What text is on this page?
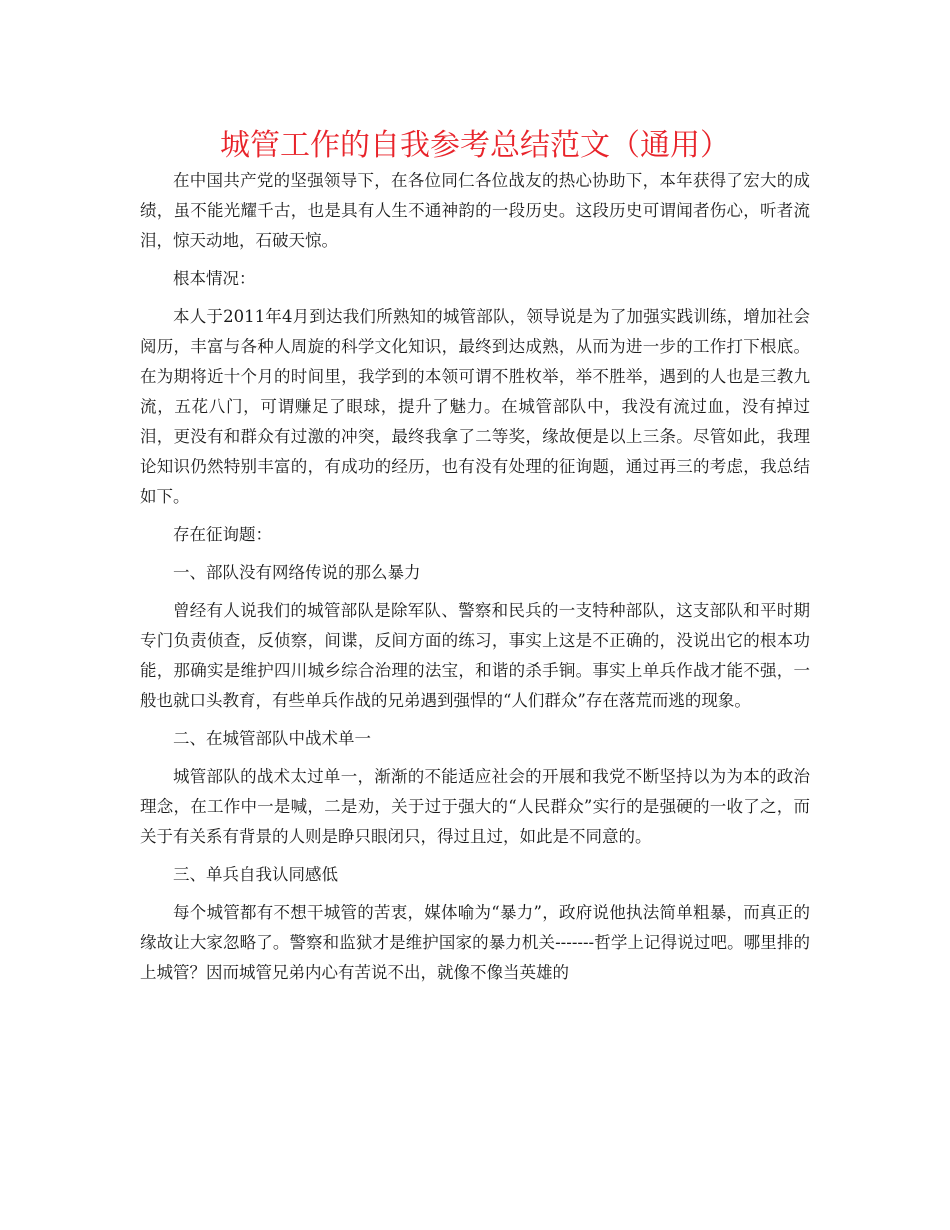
城管工作的自我参考总结范文（通用）

在中国共产党的坚强领导下，在各位同仁各位战友的热心协助下，本年获得了宏大的成绩，虽不能光耀千古，也是具有人生不通神韵的一段历史。这段历史可谓闻者伤心，听者流泪，惊天动地，石破天惊。

根本情况：

本人于2011年4月到达我们所熟知的城管部队，领导说是为了加强实践训练，增加社会阅历，丰富与各种人周旋的科学文化知识，最终到达成熟，从而为进一步的工作打下根底。在为期将近十个月的时间里，我学到的本领可谓不胜枚举，举不胜举，遇到的人也是三教九流，五花八门，可谓赚足了眼球，提升了魅力。在城管部队中，我没有流过血，没有掉过泪，更没有和群众有过激的冲突，最终我拿了二等奖，缘故便是以上三条。尽管如此，我理论知识仍然特别丰富的，有成功的经历，也有没有处理的征询题，通过再三的考虑，我总结如下。

存在征询题：

一、部队没有网络传说的那么暴力

曾经有人说我们的城管部队是除军队、警察和民兵的一支特种部队，这支部队和平时期专门负责侦查，反侦察，间谍，反间方面的练习，事实上这是不正确的，没说出它的根本功能，那确实是维护四川城乡综合治理的法宝，和谐的杀手锏。事实上单兵作战才能不强，一般也就口头教育，有些单兵作战的兄弟遇到强悍的“人们群众”存在落荒而逃的现象。

二、在城管部队中战术单一

城管部队的战术太过单一，渐渐的不能适应社会的开展和我党不断坚持以为为本的政治理念，在工作中一是喊，二是劝，关于过于强大的“人民群众”实行的是强硬的一收了之，而关于有关系有背景的人则是睁只眼闭只，得过且过，如此是不同意的。

三、单兵自我认同感低

每个城管都有不想干城管的苦衷，媒体喻为“暴力”，政府说他执法简单粗暴，而真正的缘故让大家忽略了。警察和监狱才是维护国家的暴力机关-------哲学上记得说过吧。哪里排的上城管？因而城管兄弟内心有苦说不出，就像不像当英雄的
